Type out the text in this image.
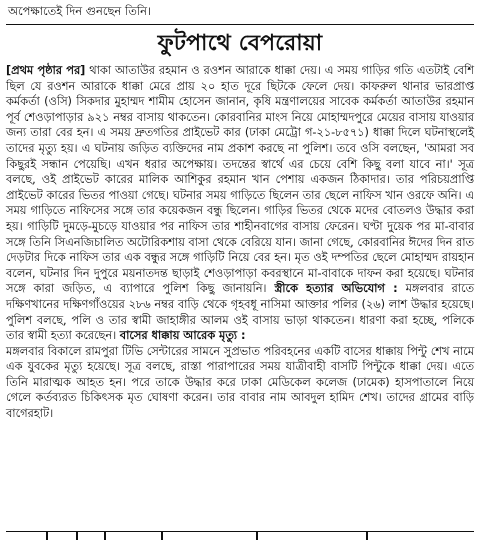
অপেক্ষাতেই দিন গুনছেন তিনি।

ফুটপাথে বেপরোয়া

[প্রথম পৃষ্ঠার পর] থাকা আতাউর রহমান ও রওশন আরাকে ধাক্কা দেয়। এ সময় গাড়ির গতি এতটাই বেশি ছিল যে রওশন আরাকে ধাক্কা মেরে প্রায় ২০ হাত দূরে ছিটকে ফেলে দেয়। কাফরুল থানার ভারপ্রাপ্ত কর্মকর্তা (ওসি) সিকদার মুহাম্মদ শামীম হোসেন জানান, কৃষি মন্ত্রণালয়ের সাবেক কর্মকর্তা আতাউর রহমান পূর্ব শেওড়াপাড়ার ৯২১ নম্বর বাসায় থাকতেন। কোরবানির মাংস নিয়ে মোহাম্মদপুরে মেয়ের বাসায় যাওয়ার জন্য তারা বের হন। এ সময় দ্রুতগতির প্রাইভেট কার (ঢাকা মেট্রো গ-২১-৮৫৭১) ধাক্কা দিলে ঘটনাস্থলেই তাদের মৃত্যু হয়। এ ঘটনায় জড়িত ব্যক্তিদের নাম প্রকাশ করছে না পুলিশ। তবে ওসি বলছেন, 'আমরা সব কিছুরই সন্ধান পেয়েছি। এখন ধরার অপেক্ষায়। তদন্তের স্বার্থে এর চেয়ে বেশি কিছু বলা যাবে না।' সূত্র বলছে, ওই প্রাইভেট কারের মালিক আশিকুর রহমান খান পেশায় একজন ঠিকাদার। তার পরিচয়প্রাপ্তি প্রাইভেট কারের ভিতর পাওয়া গেছে। ঘটনার সময় গাড়িতে ছিলেন তার ছেলে নাফিস খান ওরফে অনি। এ সময় গাড়িতে নাফিসের সঙ্গে তার কয়েকজন বন্ধু ছিলেন। গাড়ির ভিতর থেকে মদের বোতলও উদ্ধার করা হয়। গাড়িটি দুমড়ে-মুচড়ে যাওয়ার পর নাফিস তার শাহীনবাগের বাসায় ফেরেন। ঘণ্টা দুয়েক পর মা-বাবার সঙ্গে তিনি সিএনজিচালিত অটোরিকশায় বাসা থেকে বেরিয়ে যান। জানা গেছে, কোরবানির ঈদের দিন রাত দেড়টার দিকে নাফিস তার এক বন্ধুর সঙ্গে গাড়িটি নিয়ে বের হন। মৃত ওই দম্পতির ছেলে মোহাম্মদ রায়হান বলেন, ঘটনার দিন দুপুরে ময়নাতদন্ত ছাড়াই শেওড়াপাড়া কবরস্থানে মা-বাবাকে দাফন করা হয়েছে। ঘটনার সঙ্গে কারা জড়িত, এ ব্যাপারে পুলিশ কিছু জানায়নি। স্ত্রীকে হত্যার অভিযোগ : মঙ্গলবার রাতে দক্ষিণখানের দক্ষিণগাঁওয়ের ২৮৬ নম্বর বাড়ি থেকে গৃহবধূ নাসিমা আক্তার পলির (২৬) লাশ উদ্ধার হয়েছে। পুলিশ বলছে, পলি ও তার স্বামী জাহাঙ্গীর আলম ওই বাসায় ভাড়া থাকতেন। ধারণা করা হচ্ছে, পলিকে তার স্বামী হত্যা করেছেন। বাসের ধাক্কায় আরেক মৃত্যু :

মঙ্গলবার বিকালে রামপুরা টিভি সেন্টারের সামনে সুপ্রভাত পরিবহনের একটি বাসের ধাক্কায় পিন্টু শেখ নামে এক যুবকের মৃত্যু হয়েছে। সূত্র বলছে, রাস্তা পারাপারের সময় যাত্রীবাহী বাসটি পিন্টুকে ধাক্কা দেয়। এতে তিনি মারাত্মক আহত হন। পরে তাকে উদ্ধার করে ঢাকা মেডিকেল কলেজ (ঢামেক) হাসপাতালে নিয়ে গেলে কর্তব্যরত চিকিৎসক মৃত ঘোষণা করেন। তার বাবার নাম আবদুল হামিদ শেখ। তাদের গ্রামের বাড়ি বাগেরহাট।
